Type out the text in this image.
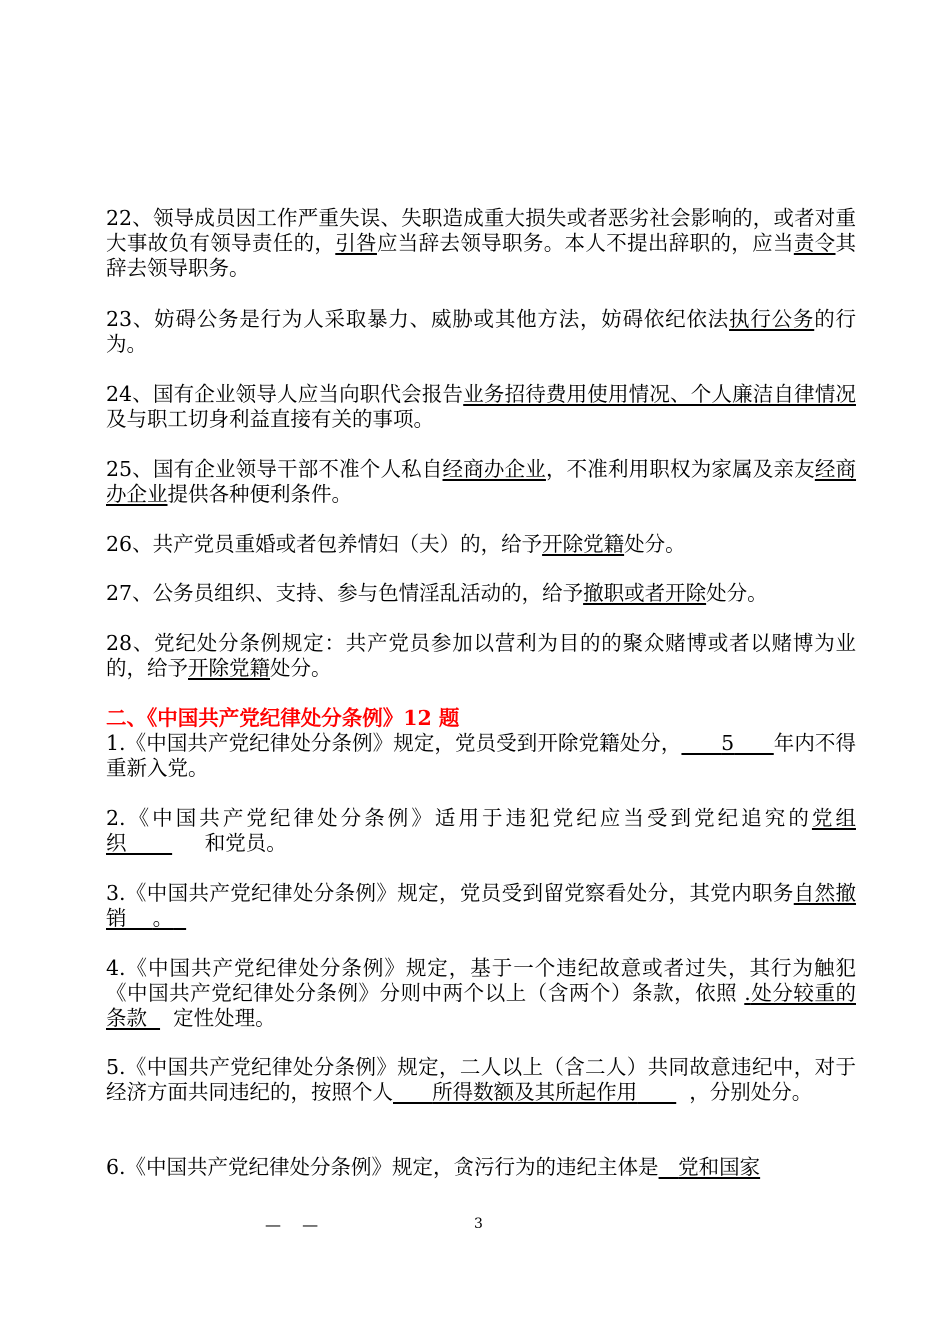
22、领导成员因工作严重失误、失职造成重大损失或者恶劣社会影响的，或者对重大事故负有领导责任的，引咎应当辞去领导职务。本人不提出辞职的，应当责令其辞去领导职务。
23、妨碍公务是行为人采取暴力、威胁或其他方法，妨碍依纪依法执行公务的行为。
24、国有企业领导人应当向职代会报告业务招待费用使用情况、个人廉洁自律情况及与职工切身利益直接有关的事项。
25、国有企业领导干部不准个人私自经商办企业，不准利用职权为家属及亲友经商办企业提供各种便利条件。
26、共产党员重婚或者包养情妇（夫）的，给予开除党籍处分。
27、公务员组织、支持、参与色情淫乱活动的，给予撤职或者开除处分。
28、党纪处分条例规定：共产党员参加以营利为目的的聚众赌博或者以赌博为业的，给予开除党籍处分。
二、《中国共产党纪律处分条例》12 题
1.《中国共产党纪律处分条例》规定，党员受到开除党籍处分， 5 年内不得重新入党。
2.《中国共产党纪律处分条例》适用于违犯党纪应当受到党纪追究的党组织	和党员。
3.《中国共产党纪律处分条例》规定，党员受到留党察看处分，其党内职务自然撤销 。
4.《中国共产党纪律处分条例》规定，基于一个违纪故意或者过失，其行为触犯《中国共产党纪律处分条例》分则中两个以上（含两个）条款，依照 .处分较重的条款 定性处理。
5.《中国共产党纪律处分条例》规定，二人以上（含二人）共同故意违纪中，对于经济方面共同违纪的，按照个人 所得数额及其所起作用	，分别处分。
6.《中国共产党纪律处分条例》规定，贪污行为的违纪主体是 党和国家
— —	3
